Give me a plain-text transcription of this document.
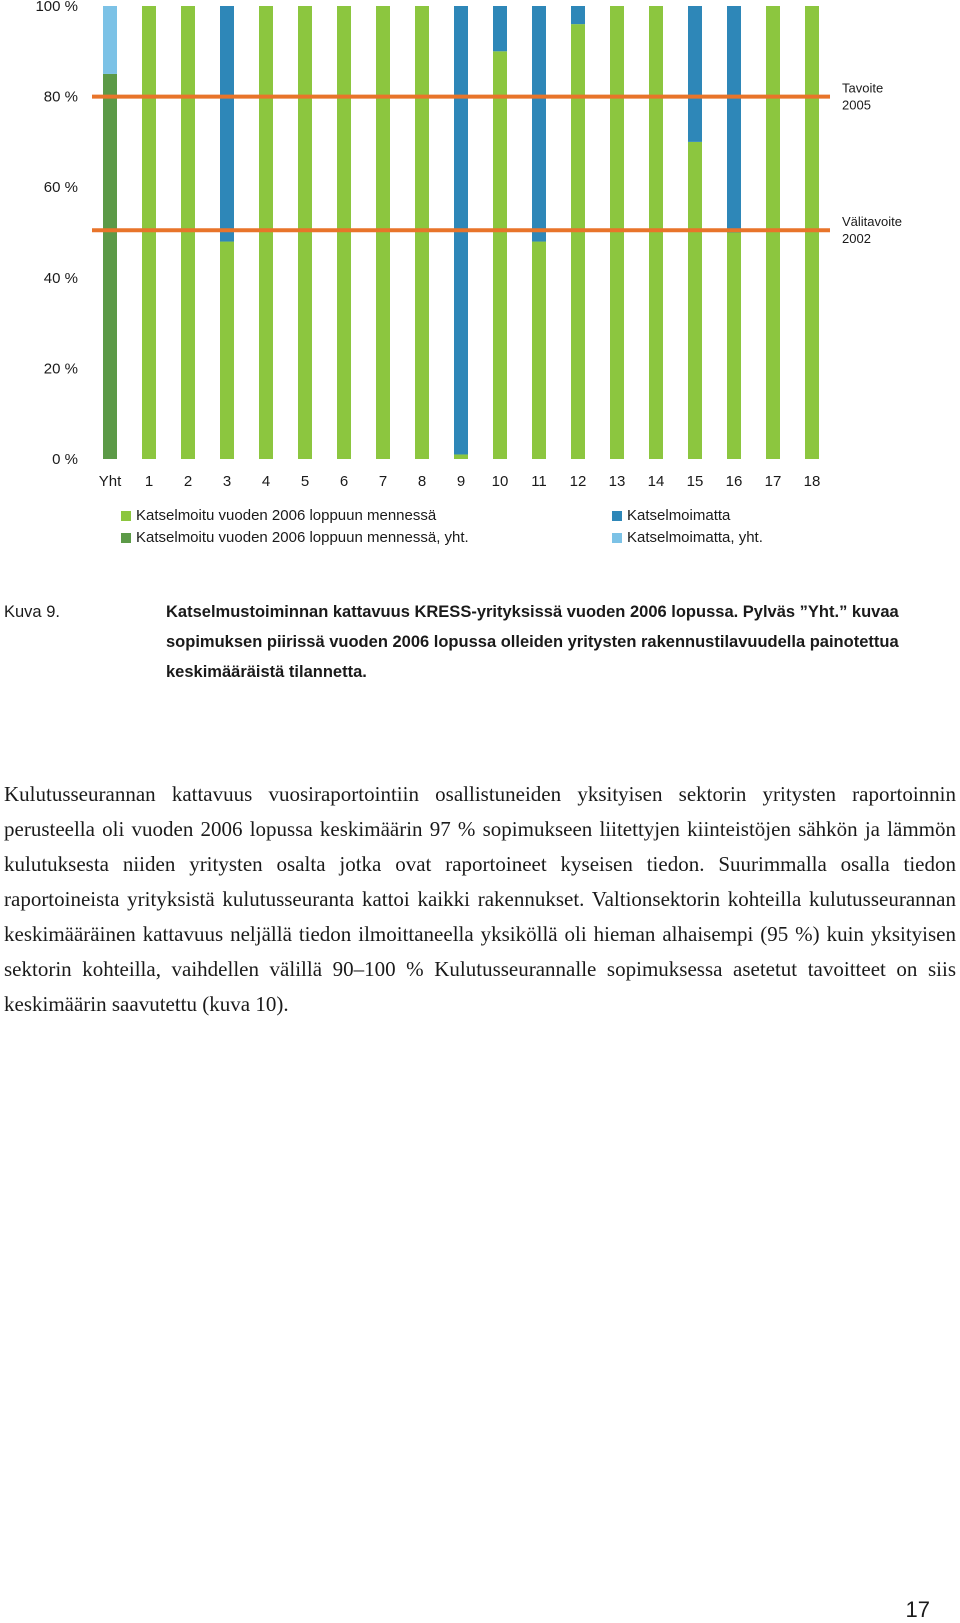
0 %
20 %
40 %
60 %
80 %
100 %
Tavoite
2005
Välitavoite
2002
Yht 1 2 3 4 5 6 7 8 9 10 11 12 13 14 15 16 17 18
Katselmoitu vuoden 2006 loppuun mennessä
Katselmoitu vuoden 2006 loppuun mennessä, yht.
Katselmoimatta
Katselmoimatta, yht.
Kuva 9.	Katselmustoiminnan kattavuus KRESS-yrityksissä vuoden 2006 lopussa. Pylväs ”Yht.” kuvaa sopimuksen piirissä vuoden 2006 lopussa olleiden yritysten rakennustilavuudella painotettua keskimääräistä tilannetta.
Kulutusseurannan kattavuus vuosiraportointiin osallistuneiden yksityisen sektorin yritysten raportoinnin perusteella oli vuoden 2006 lopussa keskimäärin 97 % sopimukseen liitettyjen kiinteistöjen sähkön ja lämmön kulutuksesta niiden yritysten osalta jotka ovat raportoineet kyseisen tiedon. Suurimmalla osalla tiedon raportoineista yrityksistä kulutusseuranta kattoi kaikki rakennukset. Valtionsektorin kohteilla kulutusseurannan keskimääräinen kattavuus neljällä tiedon ilmoittaneella yksiköllä oli hieman alhaisempi (95 %) kuin yksityisen sektorin kohteilla, vaihdellen välillä 90–100 % Kulutusseurannalle sopimuksessa asetetut tavoitteet on siis keskimäärin saavutettu (kuva 10).
17
